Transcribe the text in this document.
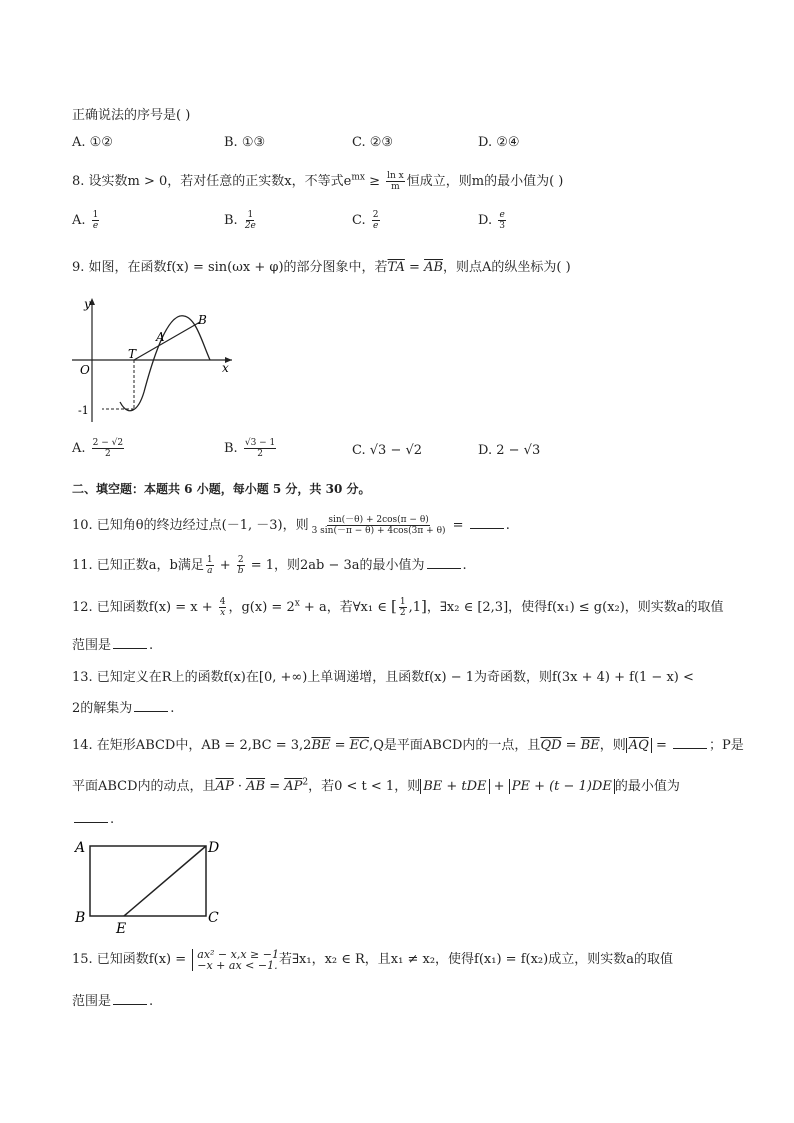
正确说法的序号是( )
A. ①②	B. ①③	C. ②③	D. ②④
8. 设实数m > 0，若对任意的正实数x，不等式$e^{mx} \ge \frac{\text{ln x}}{m}$ 恒成立，则m的最小值为( )
A. $\frac{1}{e}$	B. $\frac{1}{2e}$	C. $\frac{2}{e}$	D. $\frac{e}{3}$
9. 如图，在函数f(x) = sin(ωx + φ)的部分图象中，若$\overline{TA} = \overline{AB}$，则点A的纵坐标为( )
y
x
O
T
A
B
-1
A. $\frac{2 - √2}{2}$	B. $\frac{√3 - 1}{2}$	C. √3 − √2	D. 2 − √3
二、填空题：本题共 6 小题，每小题 5 分，共 30 分。
10. 已知角θ的终边经过点(－1, －3)，则 $\frac{\sin(-\theta) + 2\cos(\pi - \theta)}{3 \sin(-\pi - \theta) + 4\cos(3\pi + \theta)}$ =	.
11. 已知正数a，b满足 $\frac{1}{a} + \frac{2}{b} = 1$，则2ab − 3a的最小值为	.
12. 已知函数$f(x) = x + \frac{4}{x}$ ，$g(x) = 2^x + a$，若∀x₁ ∈ [ $\frac{1}{2} ,1$]，∃x₂ ∈ [2,3]，使得f(x₁) ≤ g(x₂)，则实数a的取值
范围是	.
13. 已知定义在R上的函数f(x)在[0, +∞)上单调递增，且函数f(x) − 1为奇函数，则f(3x + 4) + f(1 − x) <
2的解集为	.
14. 在矩形ABCD中，AB = $2,BC = 3,2\overline{BE} = \overline{EC},Q$是平面ABCD内的一点，且$\overline{QD} = \overline{BE}$，则 $\overline{AQ}$ =	；P是
平面ABCD内的动点，且$\overline{AP} \cdot \overline{AB} = \overline{AP}^2$，若0 < t < 1，则 BE + tDE + PE + (t − 1)DE 的最小值为
.
A
B	C
D
E
15. 已知函数f(x) = ax² − x,x ≥ −1
−x + ax < −1. 若∃x₁，x₂ ∈ R，且x₁ ≠ x₂，使得f(x₁) = f(x₂)成立，则实数a的取值
范围是	.
